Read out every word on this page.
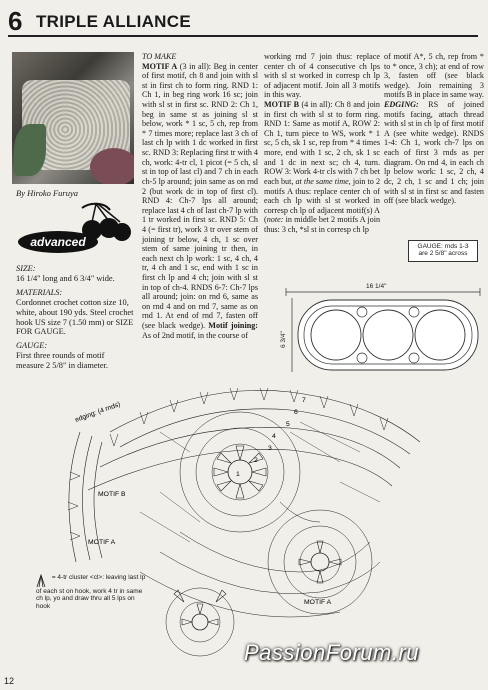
6 TRIPLE ALLIANCE
By Hiroko Furuya
advanced

SIZE:
16 1/4" long and 6 3/4" wide.

MATERIALS:
Cordonnet crochet cotton size 10, white, about 190 yds. Steel crochet hook US size 7 (1.50 mm) or SIZE FOR GAUGE.

GAUGE:
First three rounds of motif measure 2 5/8" in diameter.

TO MAKE

MOTIF A (3 in all): Beg in center of first motif, ch 8 and join with sl st in first ch to form ring. RND 1: Ch 1, in beg ring work 16 sc; join with sl st in first sc. RND 2: Ch 1, beg in same st as joining sl st below, work * 1 sc, 5 ch, rep from * 7 times more; replace last 3 ch of last ch lp with 1 dc worked in first sc. RND 3: Replacing first tr with 4 ch, work: 4-tr cl, 1 picot (= 5 ch, sl st in top of last cl) and 7 ch in each ch-5 lp around; join same as on rnd 2 (but work dc in top of first cl). RND 4: Ch-7 lps all around; replace last 4 ch of last ch-7 lp with 1 tr worked in first sc. RND 5: Ch 4 (= first tr), work 3 tr over stem of joining tr below, 4 ch, 1 sc over stem of same joining tr then, in each next ch lp work: 1 sc, 4 ch, 4 tr, 4 ch and 1 sc, end with 1 sc in first ch lp and 4 ch; join with sl st in top of ch-4. RNDS 6-7: Ch-7 lps all around; join: on rnd 6, same as on rnd 4 and on rnd 7, same as on rnd 1. At end of rnd 7, fasten off (see black wedge). Motif joining: As of 2nd motif, in the course of

working rnd 7 join thus: replace center ch of 4 consecutive ch lps with sl st worked in corresp ch lp of adjacent motif. Join all 3 motifs in this way.
MOTIF B (4 in all): Ch 8 and join in first ch with sl st to form ring. RND 1: Same as motif A, ROW 2: Ch 1, turn piece to WS, work * 1 sc, 5 ch, sk 1 sc, rep from * 4 times more, end with 1 sc, 2 ch, sk 1 sc and 1 dc in next sc; ch 4, turn. ROW 3: Work 4-tr cls with 7 ch bet each but, at the same time, join to 2 motifs A thus: replace center ch of each ch lp with sl st worked in corresp ch lp of adjacent motif(s) A (note: in middle bet 2 motifs A join thus: 3 ch, *sl st in corresp ch lp

of motif A*, 5 ch, rep from * to * once, 3 ch); at end of row 3, fasten off (see black wedge). Join remaining 3 motifs B in place in same way.
EDGING: RS of joined motifs facing, attach thread with sl st in ch lp of first motif A (see white wedge). RNDS 1-4: Ch 1, work ch-7 lps on each of first 3 rnds as per diagram. On rnd 4, in each ch lp below work: 1 sc, 2 ch, 4 dc, 2 ch, 1 sc and 1 ch; join with sl st in first sc and fasten off (see black wedge).

GAUGE: rnds 1-3
are 2 5/8" across
16 1/4"
6 3/4"
edging: (4 rnds)
MOTIF B
MOTIF A
MOTIF A
1
2
3
4
5
6
7
= 4-tr cluster <cl>: leaving last lp of each st on hook, work 4 tr in same ch lp, yo and draw thru all 5 lps on hook
12
PassionForum.ru
